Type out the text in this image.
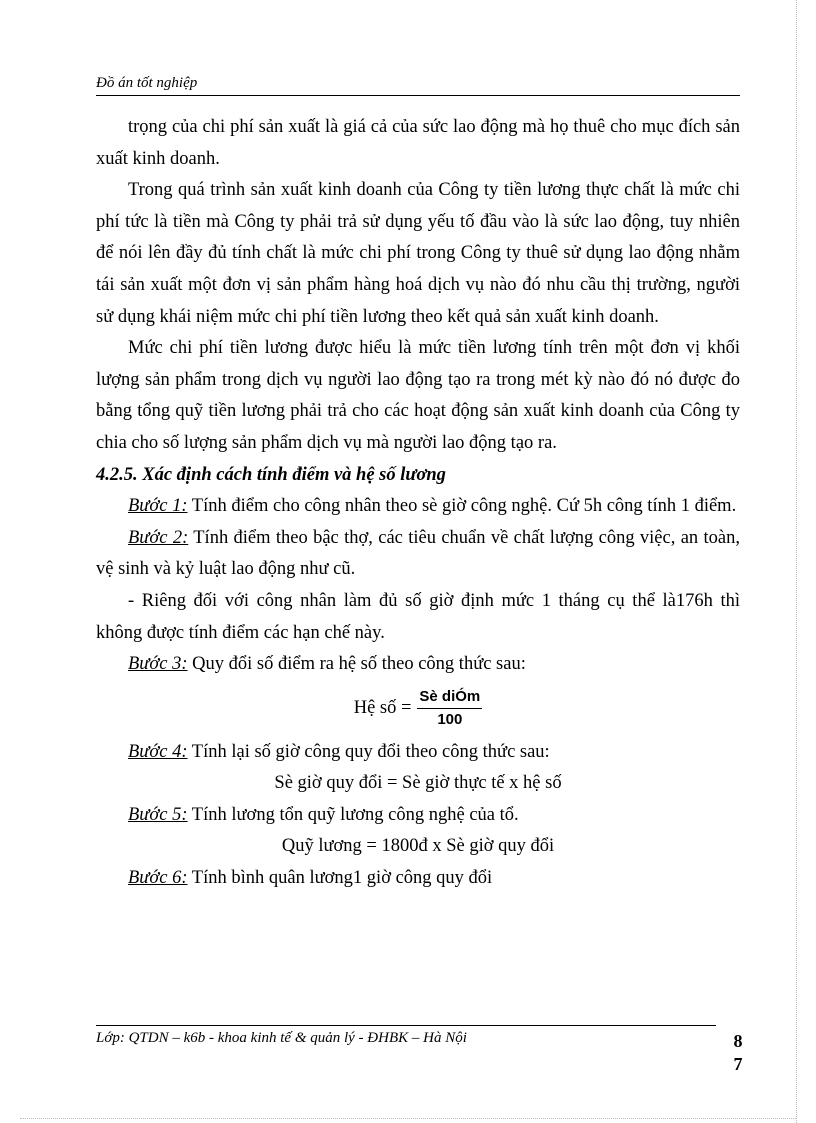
Đồ án tốt nghiệp

trọng của chi phí sản xuất là giá cả của sức lao động mà họ thuê cho mục đích sản xuất kinh doanh.

Trong quá trình sản xuất kinh doanh của Công ty tiền lương thực chất là mức chi phí tức là tiền mà Công ty phải trả sử dụng yếu tố đầu vào là sức lao động, tuy nhiên để nói lên đầy đủ tính chất là mức chi phí trong Công ty thuê sử dụng lao động nhằm tái sản xuất một đơn vị sản phẩm hàng hoá dịch vụ nào đó nhu cầu thị trường, người sử dụng khái niệm mức chi phí tiền lương theo kết quả sản xuất kinh doanh.

Mức chi phí tiền lương được hiểu là mức tiền lương tính trên một đơn vị khối lượng sản phẩm trong dịch vụ người lao động tạo ra trong mét kỳ nào đó nó được đo bằng tổng quỹ tiền lương phải trả cho các hoạt động sản xuất kinh doanh của Công ty chia cho số lượng sản phẩm dịch vụ mà người lao động tạo ra.

4.2.5. Xác định cách tính điểm và hệ số lương

Bước 1: Tính điểm cho công nhân theo sè giờ công nghệ. Cứ 5h công tính 1 điểm.

Bước 2: Tính điểm theo bậc thợ, các tiêu chuẩn về chất lượng công việc, an toàn, vệ sinh và kỷ luật lao động như cũ.

- Riêng đối với công nhân làm đủ số giờ định mức 1 tháng cụ thể là176h thì không được tính điểm các hạn chế này.

Bước 3: Quy đổi số điểm ra hệ số theo công thức sau:

Hệ số = $\frac{\text{Sè diÓm}}{100}$

Bước 4: Tính lại số giờ công quy đổi theo công thức sau:

Sè giờ quy đổi = Sè giờ thực tế x hệ số

Bước 5: Tính lương tổn quỹ lương công nghệ của tổ.

Quỹ lương = 1800đ x Sè giờ quy đổi

Bước 6: Tính bình quân lương1 giờ công quy đổi

Lớp: QTDN – k6b - khoa kinh tế & quản lý - ĐHBK – Hà Nội	8
7
